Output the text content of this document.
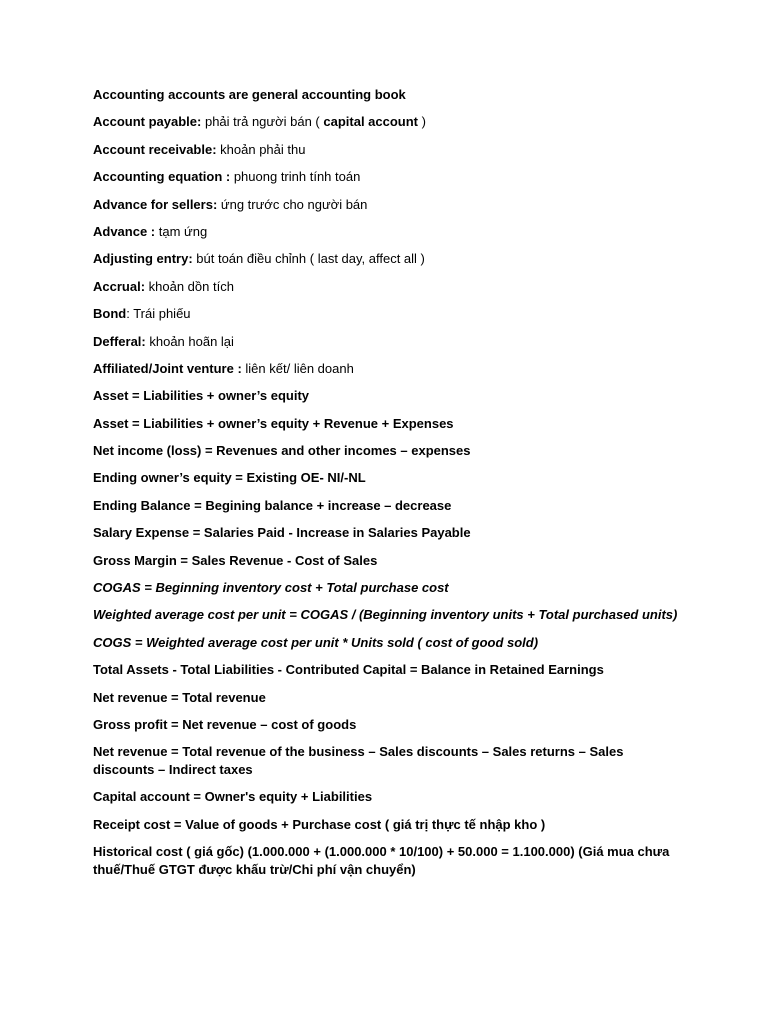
Accounting accounts are general accounting book
Account payable: phải trả người bán ( capital account )
Account receivable: khoản phải thu
Accounting equation : phuong trinh tính toán
Advance for sellers: ứng trước cho người bán
Advance : tạm ứng
Adjusting entry: bút toán điều chỉnh ( last day, affect all )
Accrual: khoản dồn tích
Bond: Trái phiếu
Defferal: khoản hoãn lại
Affiliated/Joint venture : liên kết/ liên doanh
Asset = Liabilities + owner’s equity
Asset = Liabilities + owner’s equity + Revenue + Expenses
Net income (loss) = Revenues and other incomes – expenses
Ending owner’s equity = Existing OE- NI/-NL
Ending Balance = Begining balance + increase – decrease
Salary Expense = Salaries Paid - Increase in Salaries Payable
Gross Margin = Sales Revenue - Cost of Sales
COGAS = Beginning inventory cost + Total purchase cost
Weighted average cost per unit = COGAS / (Beginning inventory units + Total purchased units)
COGS = Weighted average cost per unit * Units sold ( cost of good sold)
Total Assets - Total Liabilities - Contributed Capital = Balance in Retained Earnings
Net revenue = Total revenue
Gross profit = Net revenue – cost of goods
Net revenue = Total revenue of the business – Sales discounts – Sales returns – Sales discounts – Indirect taxes
Capital account = Owner's equity + Liabilities
Receipt cost = Value of goods + Purchase cost ( giá trị thực tế nhập kho )
Historical cost ( giá gốc) (1.000.000 + (1.000.000 * 10/100) + 50.000 = 1.100.000) (Giá mua chưa thuế/Thuế GTGT được khấu trừ/Chi phí vận chuyển)
